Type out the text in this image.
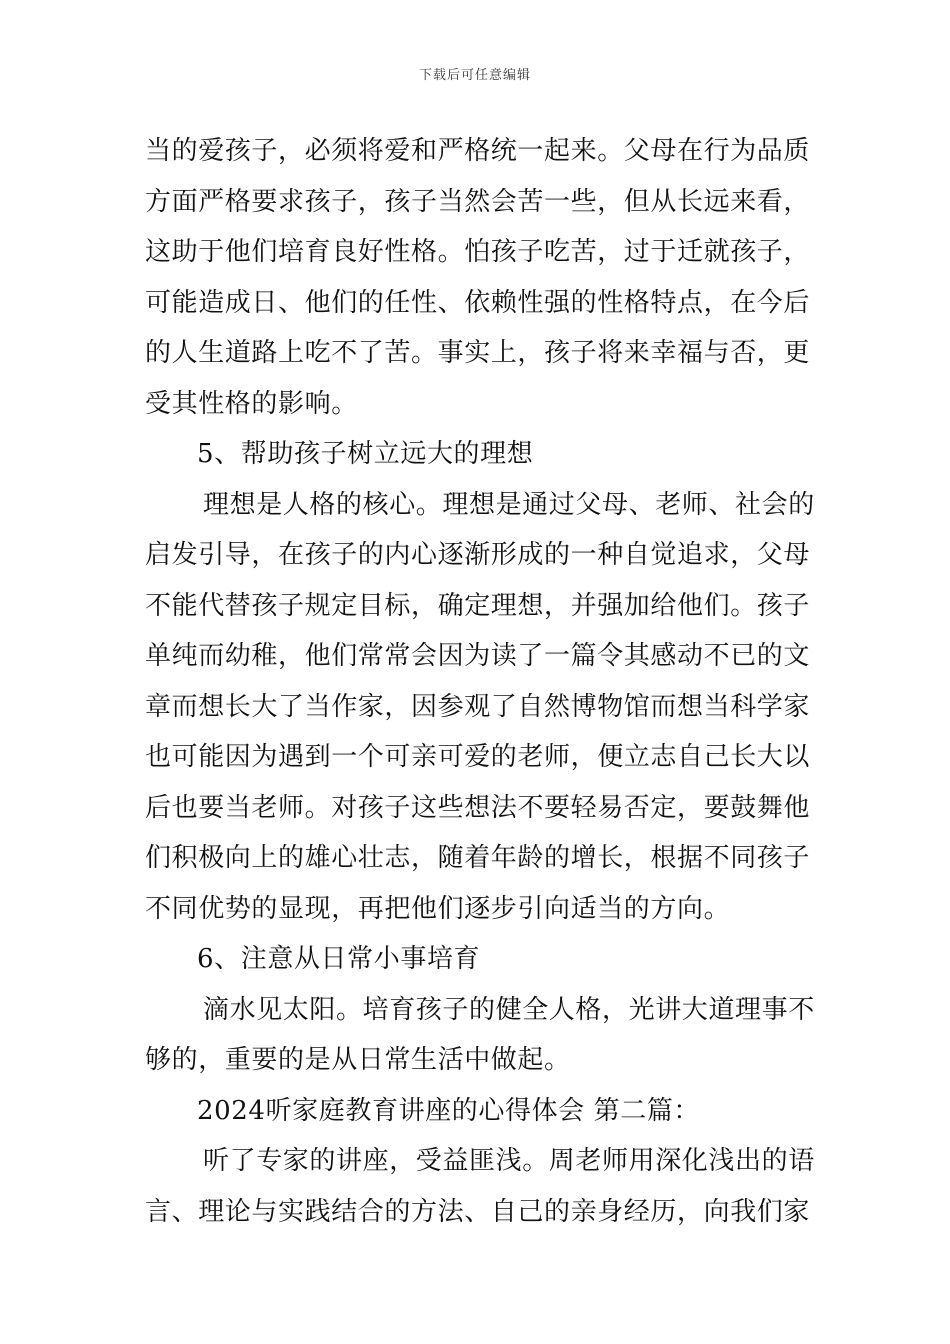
下载后可任意编辑
当的爱孩子，必须将爱和严格统一起来。父母在行为品质
方面严格要求孩子，孩子当然会苦一些，但从长远来看，
这助于他们培育良好性格。怕孩子吃苦，过于迁就孩子，
可能造成日、他们的任性、依赖性强的性格特点，在今后
的人生道路上吃不了苦。事实上，孩子将来幸福与否，更
受其性格的影响。
5、帮助孩子树立远大的理想
理想是人格的核心。理想是通过父母、老师、社会的
启发引导，在孩子的内心逐渐形成的一种自觉追求，父母
不能代替孩子规定目标，确定理想，并强加给他们。孩子
单纯而幼稚，他们常常会因为读了一篇令其感动不已的文
章而想长大了当作家，因参观了自然博物馆而想当科学家
也可能因为遇到一个可亲可爱的老师，便立志自己长大以
后也要当老师。对孩子这些想法不要轻易否定，要鼓舞他
们积极向上的雄心壮志，随着年龄的增长，根据不同孩子
不同优势的显现，再把他们逐步引向适当的方向。
6、注意从日常小事培育
滴水见太阳。培育孩子的健全人格，光讲大道理事不
够的，重要的是从日常生活中做起。
2024听家庭教育讲座的心得体会 第二篇：
听了专家的讲座，受益匪浅。周老师用深化浅出的语
言、理论与实践结合的方法、自己的亲身经历，向我们家
